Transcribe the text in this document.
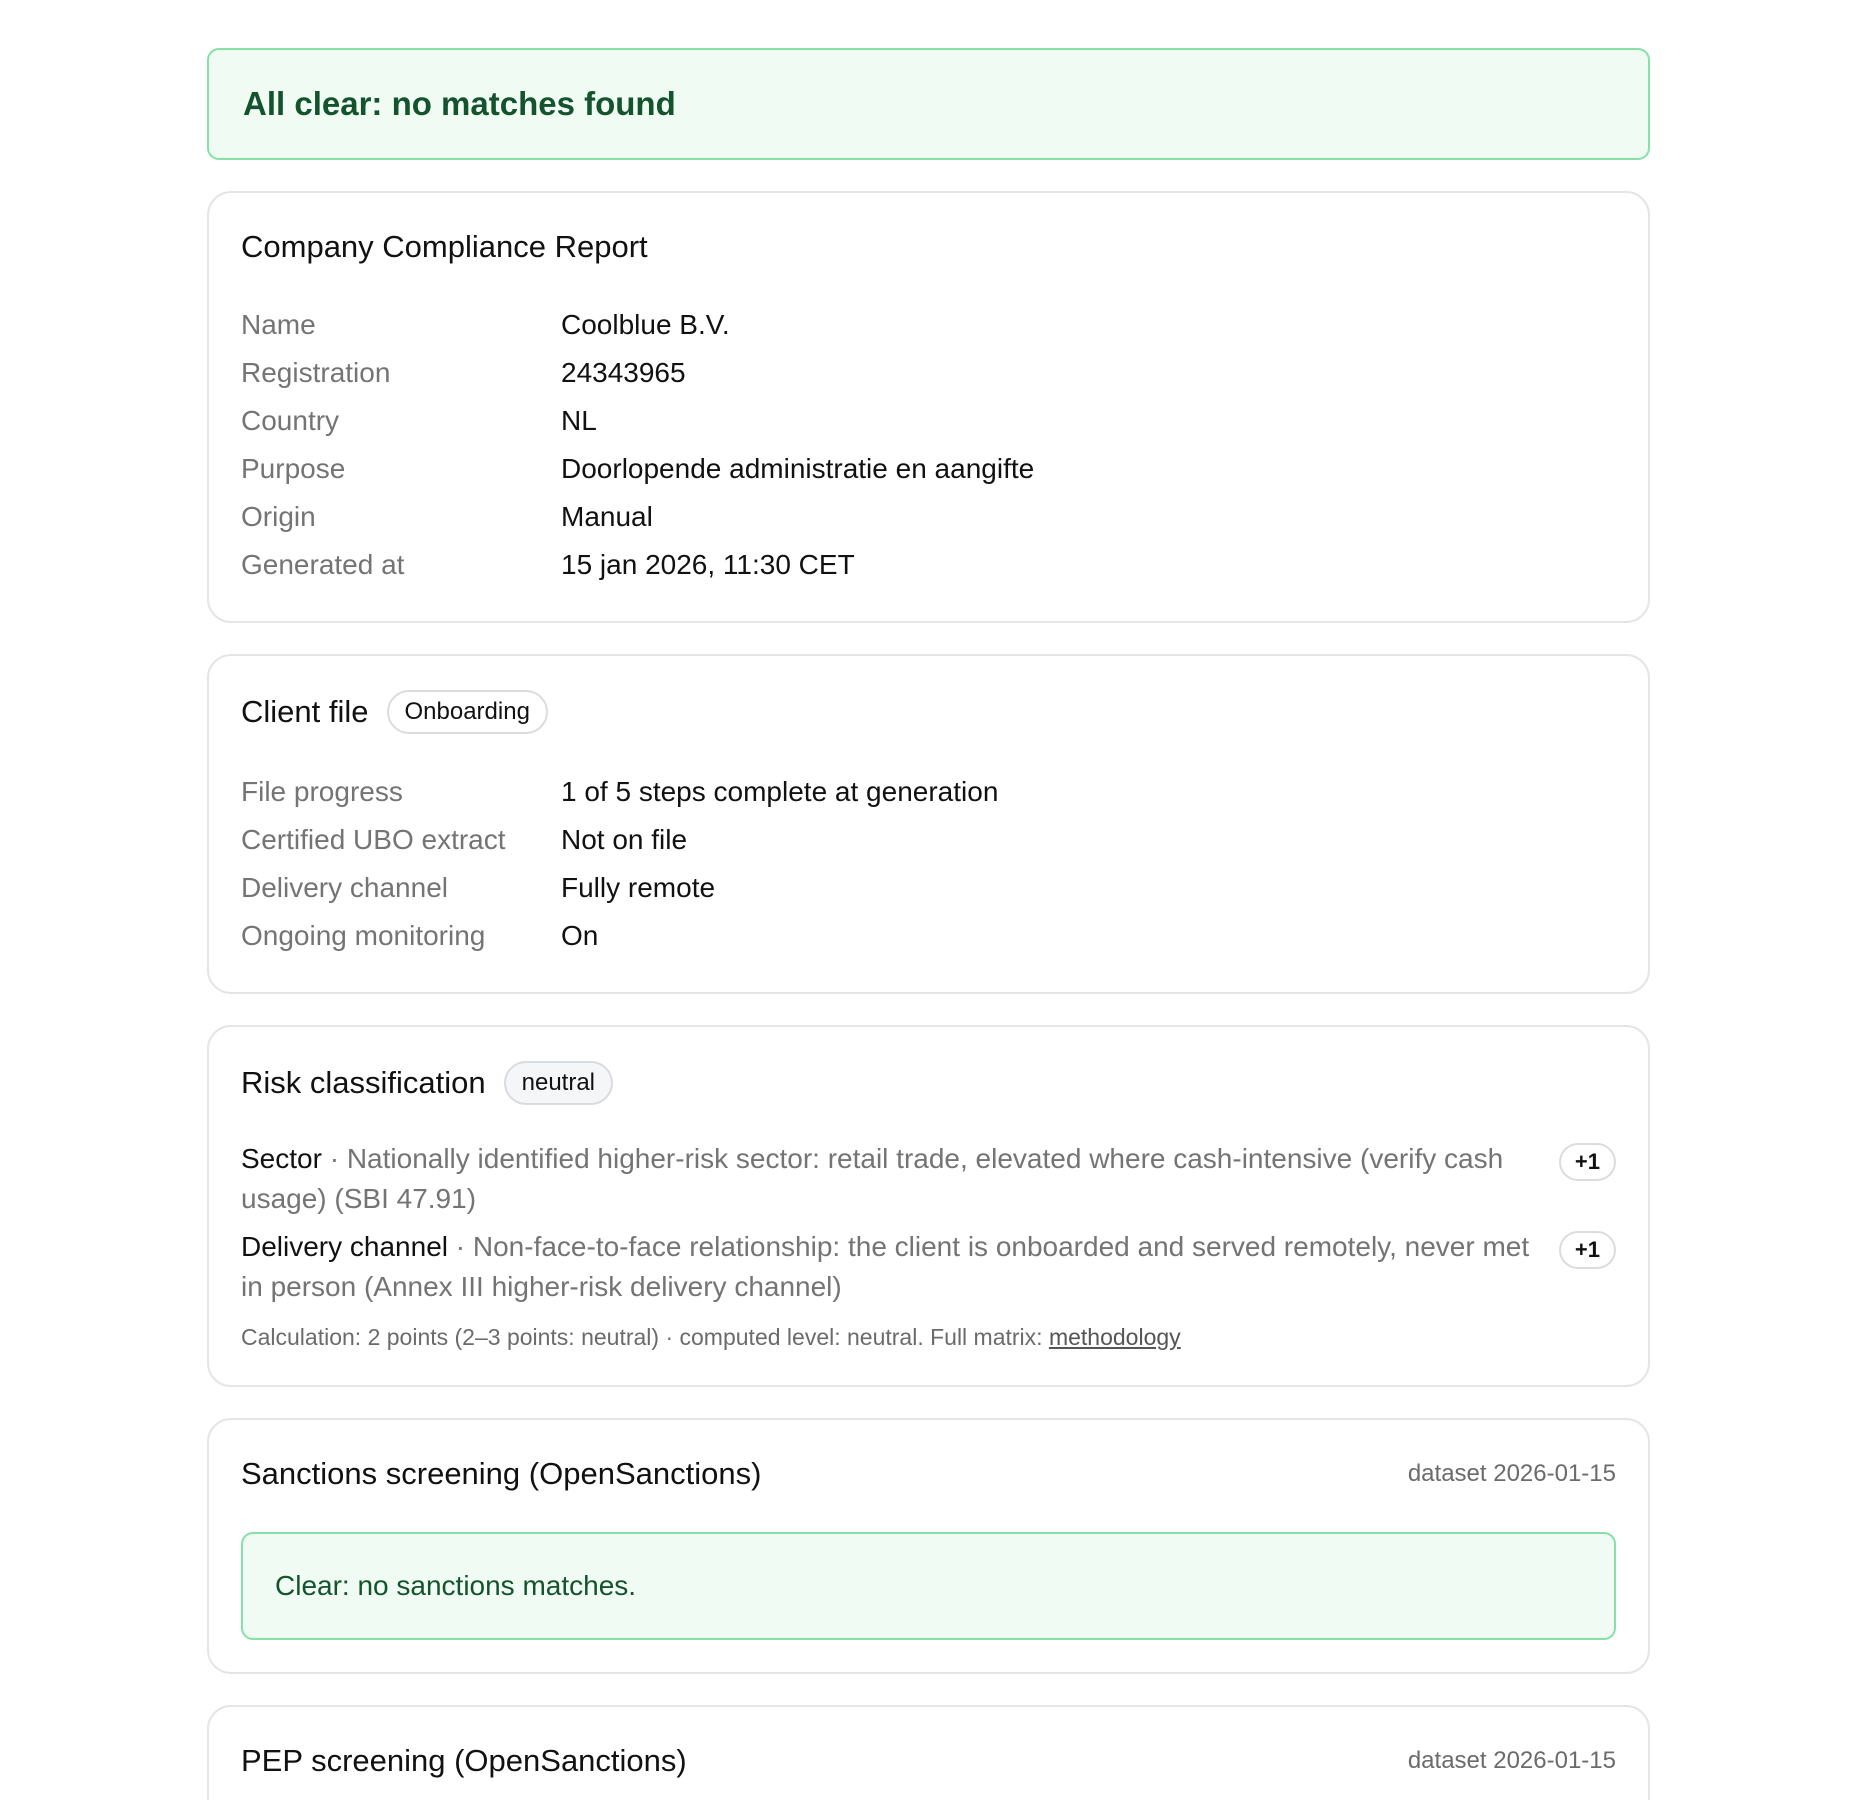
All clear: no matches found
Company Compliance Report
Name	Coolblue B.V.
Registration	24343965
Country	NL
Purpose	Doorlopende administratie en aangifte
Origin	Manual
Generated at	15 jan 2026, 11:30 CET
Client file	Onboarding
File progress	1 of 5 steps complete at generation
Certified UBO extract	Not on file
Delivery channel	Fully remote
Ongoing monitoring	On
Risk classification	neutral
Sector · Nationally identified higher-risk sector: retail trade, elevated where cash-intensive (verify cash usage) (SBI 47.91)
+1
Delivery channel · Non-face-to-face relationship: the client is onboarded and served remotely, never met in person (Annex III higher-risk delivery channel)
+1
Calculation: 2 points (2–3 points: neutral) · computed level: neutral. Full matrix: methodology
Sanctions screening (OpenSanctions)	dataset 2026-01-15
Clear: no sanctions matches.
PEP screening (OpenSanctions)	dataset 2026-01-15
